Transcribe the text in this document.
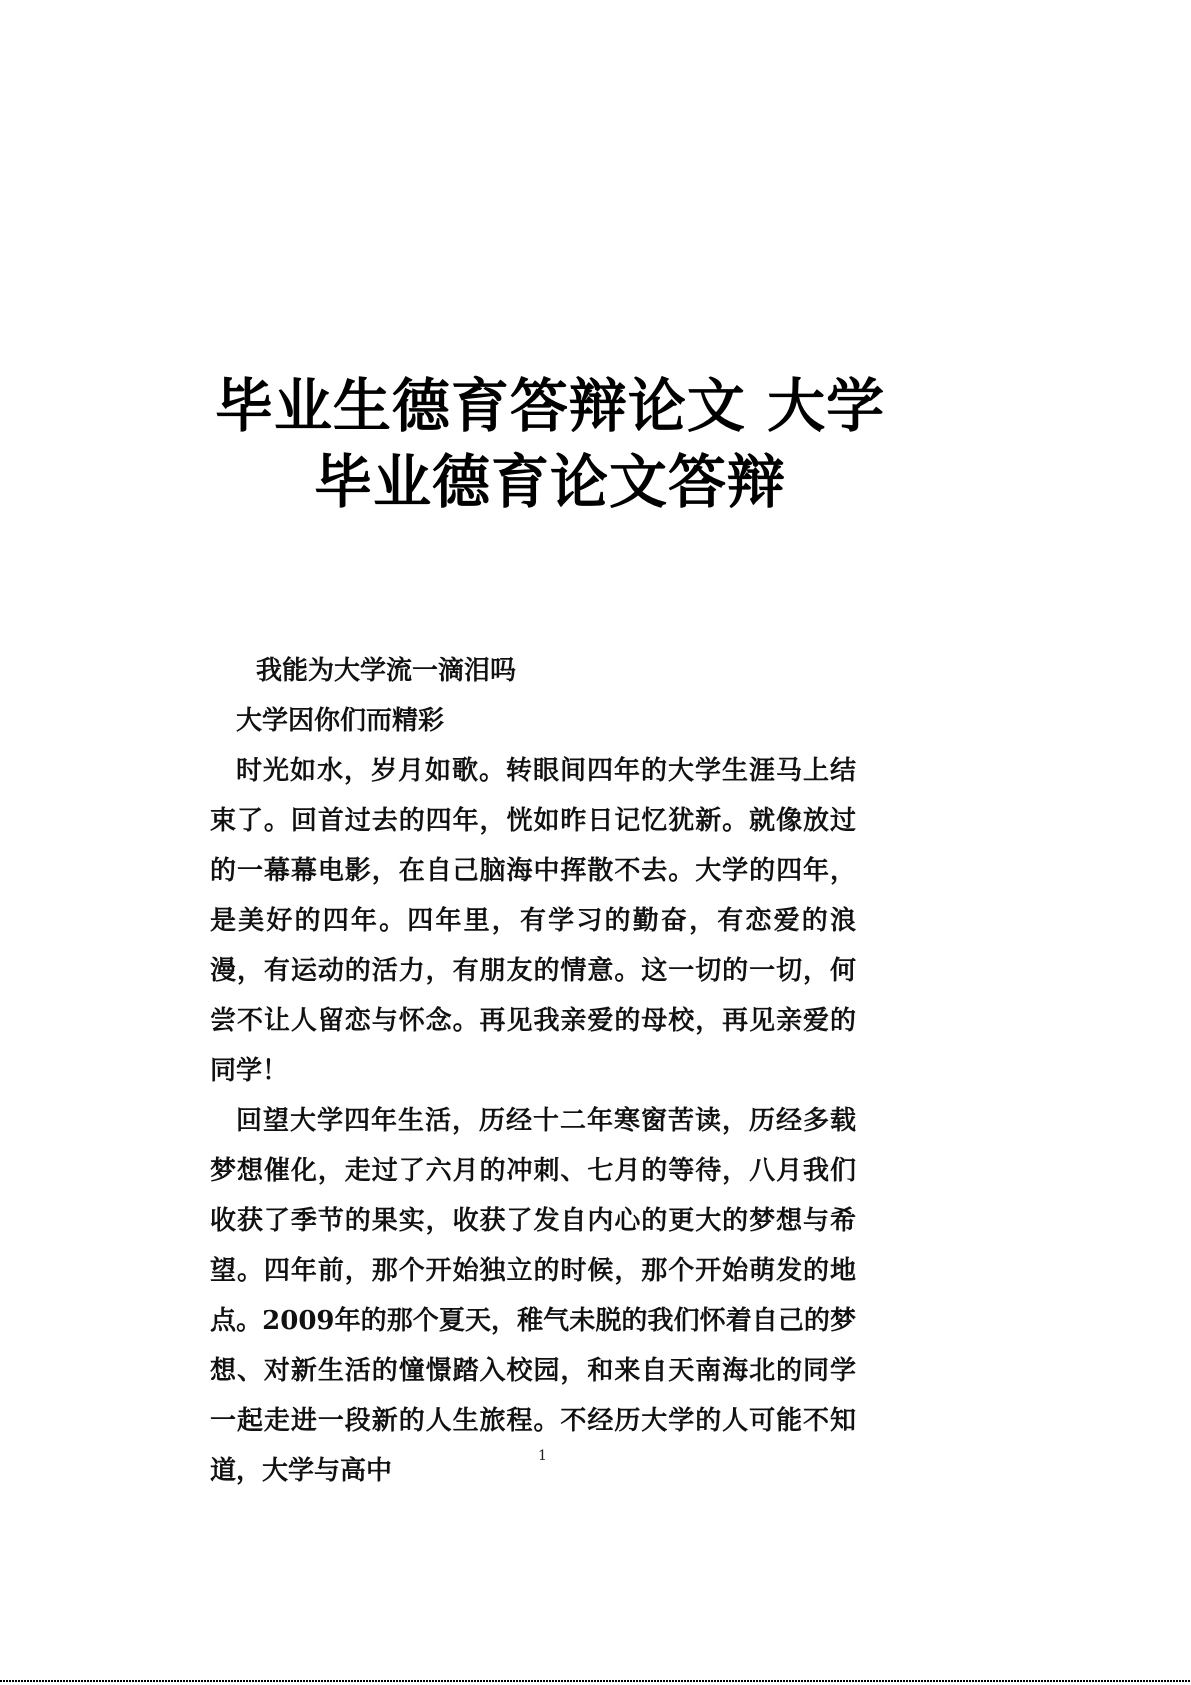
毕业生德育答辩论文 大学
毕业德育论文答辩

我能为大学流一滴泪吗

大学因你们而精彩

时光如水，岁月如歌。转眼间四年的大学生涯马上结束了。回首过去的四年，恍如昨日记忆犹新。就像放过的一幕幕电影，在自己脑海中挥散不去。大学的四年，是美好的四年。四年里，有学习的勤奋，有恋爱的浪漫，有运动的活力，有朋友的情意。这一切的一切，何尝不让人留恋与怀念。再见我亲爱的母校，再见亲爱的同学！

回望大学四年生活，历经十二年寒窗苦读，历经多载梦想催化，走过了六月的冲刺、七月的等待，八月我们收获了季节的果实，收获了发自内心的更大的梦想与希望。四年前，那个开始独立的时候，那个开始萌发的地点。2009年的那个夏天，稚气未脱的我们怀着自己的梦想、对新生活的憧憬踏入校园，和来自天南海北的同学一起走进一段新的人生旅程。不经历大学的人可能不知道，大学与高中	1
